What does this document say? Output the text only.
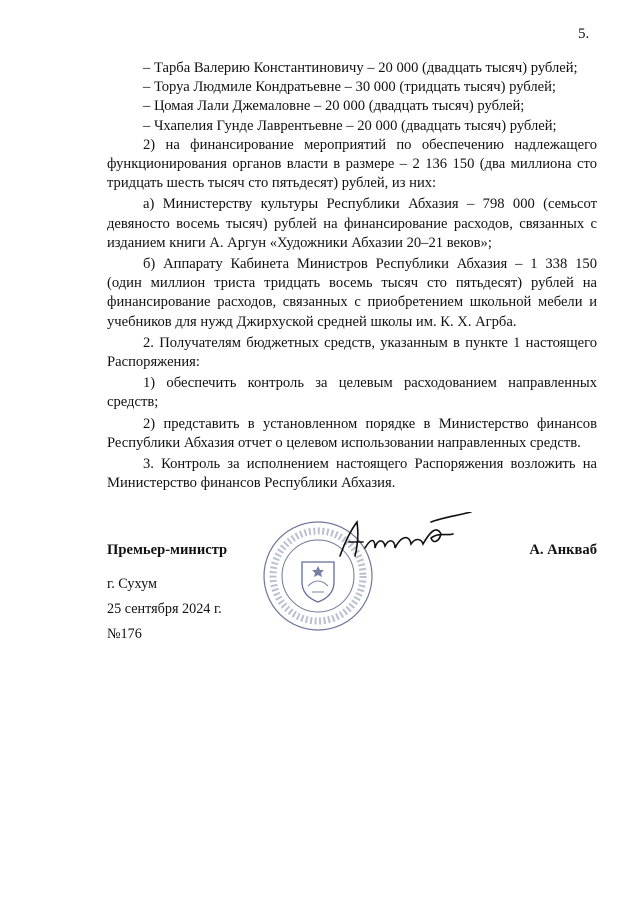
5.

– Тарба Валерию Константиновичу – 20 000 (двадцать тысяч) рублей;

– Торуа Людмиле Кондратьевне – 30 000 (тридцать тысяч) рублей;

– Цомая Лали Джемаловне – 20 000 (двадцать тысяч) рублей;

– Чхапелия Гунде Лаврентьевне – 20 000 (двадцать тысяч) рублей;

2) на финансирование мероприятий по обеспечению надлежащего функционирования органов власти в размере – 2 136 150 (два миллиона сто тридцать шесть тысяч сто пятьдесят) рублей, из них:

а) Министерству культуры Республики Абхазия – 798 000 (семьсот девяносто восемь тысяч) рублей на финансирование расходов, связанных с изданием книги А. Аргун «Художники Абхазии 20–21 веков»;

б) Аппарату Кабинета Министров Республики Абхазия – 1 338 150 (один миллион триста тридцать восемь тысяч сто пятьдесят) рублей на финансирование расходов, связанных с приобретением школьной мебели и учебников для нужд Джирхуской средней школы им. К. Х. Агрба.

2. Получателям бюджетных средств, указанным в пункте 1 настоящего Распоряжения:

1) обеспечить контроль за целевым расходованием направленных средств;

2) представить в установленном порядке в Министерство финансов Республики Абхазия отчет о целевом использовании направленных средств.

3. Контроль за исполнением настоящего Распоряжения возложить на Министерство финансов Республики Абхазия.

Премьер-министр	А. Анкваб
г. Сухум
25 сентября 2024 г.
№176
